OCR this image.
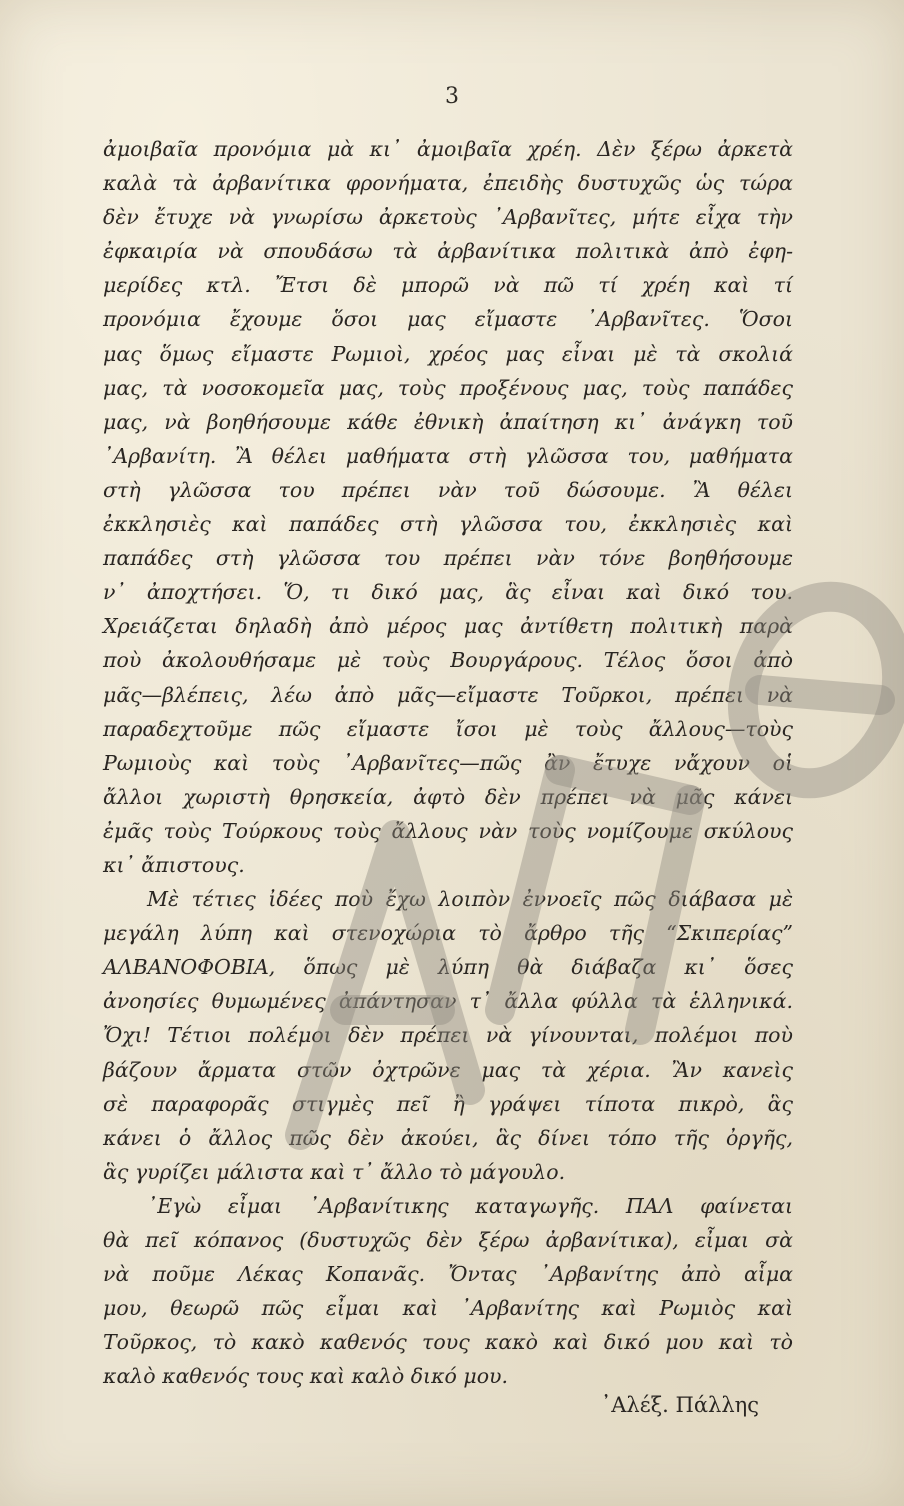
3
ἀμοιβαῖα προνόμια μὰ κι᾽ ἀμοιβαῖα χρέη. Δὲν ξέρω ἀρκετὰ
καλὰ τὰ ἀρβανίτικα φρονήματα, ἐπειδὴς δυστυχῶς ὡς τώρα
δὲν ἔτυχε νὰ γνωρίσω ἀρκετοὺς ᾿Αρβανῖτες, μήτε εἶχα τὴν
ἐφκαιρία νὰ σπουδάσω τὰ ἀρβανίτικα πολιτικὰ ἀπὸ ἐφη-
μερίδες κτλ. Ἔτσι δὲ μπορῶ νὰ πῶ τί χρέη καὶ τί
προνόμια ἔχουμε ὅσοι μας εἴμαστε ᾿Αρβανῖτες. Ὅσοι
μας ὅμως εἴμαστε Ρωμιοὶ, χρέος μας εἶναι μὲ τὰ σκολιά
μας, τὰ νοσοκομεῖα μας, τοὺς προξένους μας, τοὺς παπάδες
μας, νὰ βοηθήσουμε κάθε ἐθνικὴ ἀπαίτηση κι᾽ ἀνάγκη τοῦ
᾿Αρβανίτη. Ἂ θέλει μαθήματα στὴ γλῶσσα του, μαθήματα
στὴ γλῶσσα του πρέπει νὰν τοῦ δώσουμε. Ἂ θέλει
ἐκκλησιὲς καὶ παπάδες στὴ γλῶσσα του, ἐκκλησιὲς καὶ
παπάδες στὴ γλῶσσα του πρέπει νὰν τόνε βοηθήσουμε
ν᾽ ἀποχτήσει. Ὅ, τι δικό μας, ἃς εἶναι καὶ δικό του.
Χρειάζεται δηλαδὴ ἀπὸ μέρος μας ἀντίθετη πολιτικὴ παρὰ
ποὺ ἀκολουθήσαμε μὲ τοὺς Βουργάρους. Τέλος ὅσοι ἀπὸ
μᾶς—βλέπεις, λέω ἀπὸ μᾶς—εἴμαστε Τοῦρκοι, πρέπει νὰ
παραδεχτοῦμε πῶς εἴμαστε ἴσοι μὲ τοὺς ἄλλους—τοὺς
Ρωμιοὺς καὶ τοὺς ᾿Αρβανῖτες—πῶς ἂν ἔτυχε νἄχουν οἱ
ἄλλοι χωριστὴ θρησκεία, ἀφτὸ δὲν πρέπει νὰ μᾶς κάνει
ἐμᾶς τοὺς Τούρκους τοὺς ἄλλους νὰν τοὺς νομίζουμε σκύλους
κι᾽ ἄπιστους.
Μὲ τέτιες ἰδέες ποὺ ἔχω λοιπὸν ἐννοεῖς πῶς διάβασα μὲ
μεγάλη λύπη καὶ στενοχώρια τὸ ἄρθρο τῆς “Σκιπερίας”
ΑΛΒΑΝΟΦΟΒΙΑ, ὅπως μὲ λύπη θὰ διάβαζα κι᾽ ὅσες
ἀνοησίες θυμωμένες ἀπάντησαν τ᾽ ἄλλα φύλλα τὰ ἑλληνικά.
Ὄχι! Τέτιοι πολέμοι δὲν πρέπει νὰ γίνουνται, πολέμοι ποὺ
βάζουν ἄρματα στῶν ὀχτρῶνε μας τὰ χέρια. Ἂν κανεὶς
σὲ παραφορᾶς στιγμὲς πεῖ ἢ γράψει τίποτα πικρὸ, ἃς
κάνει ὁ ἄλλος πῶς δὲν ἀκούει, ἃς δίνει τόπο τῆς ὀργῆς,
ἃς γυρίζει μάλιστα καὶ τ᾽ ἄλλο τὸ μάγουλο.
᾿Εγὼ εἶμαι ᾿Αρβανίτικης καταγωγῆς. ΠΑΛ φαίνεται
θὰ πεῖ κόπανος (δυστυχῶς δὲν ξέρω ἀρβανίτικα), εἶμαι σὰ
νὰ ποῦμε Λέκας Κοπανᾶς. Ὄντας ᾿Αρβανίτης ἀπὸ αἷμα
μου, θεωρῶ πῶς εἶμαι καὶ ᾿Αρβανίτης καὶ Ρωμιὸς καὶ
Τοῦρκος, τὸ κακὸ καθενός τους κακὸ καὶ δικό μου καὶ τὸ
καλὸ καθενός τους καὶ καλὸ δικό μου.
᾿Αλέξ. Πάλλης
